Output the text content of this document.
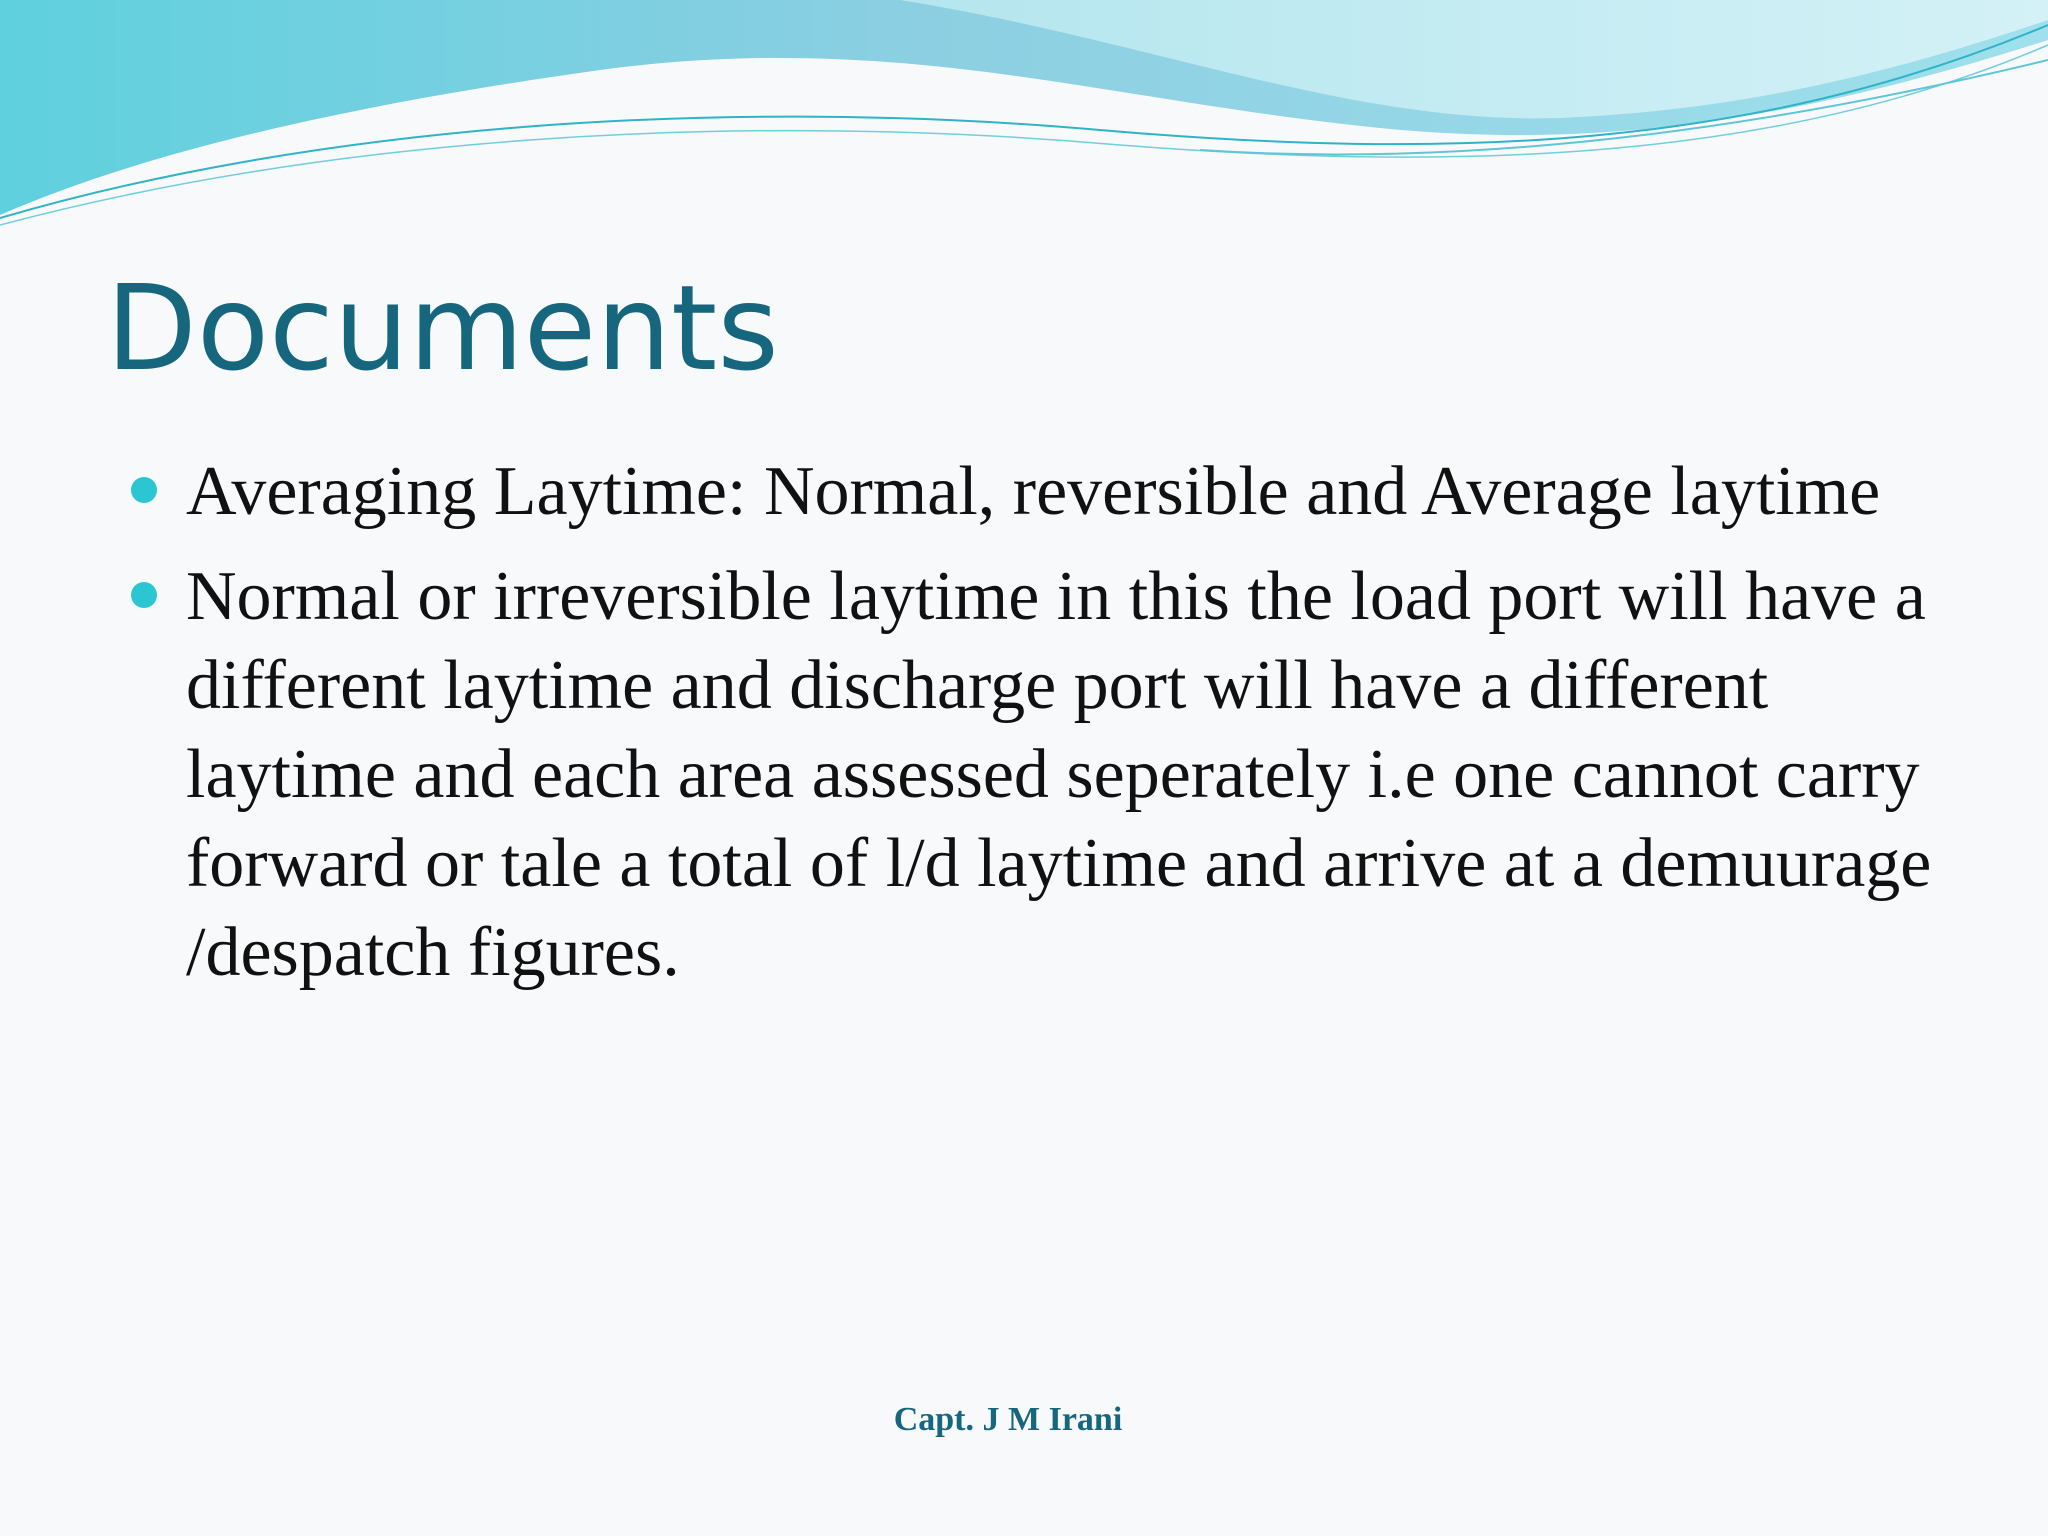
Documents
Averaging Laytime: Normal, reversible and Average laytime
Normal or irreversible laytime in this the load port will have a different laytime and discharge port will have a different laytime and each area assessed seperately i.e one cannot carry forward or tale a total of l/d laytime and arrive at a demuurage /despatch figures.
Capt. J M Irani
